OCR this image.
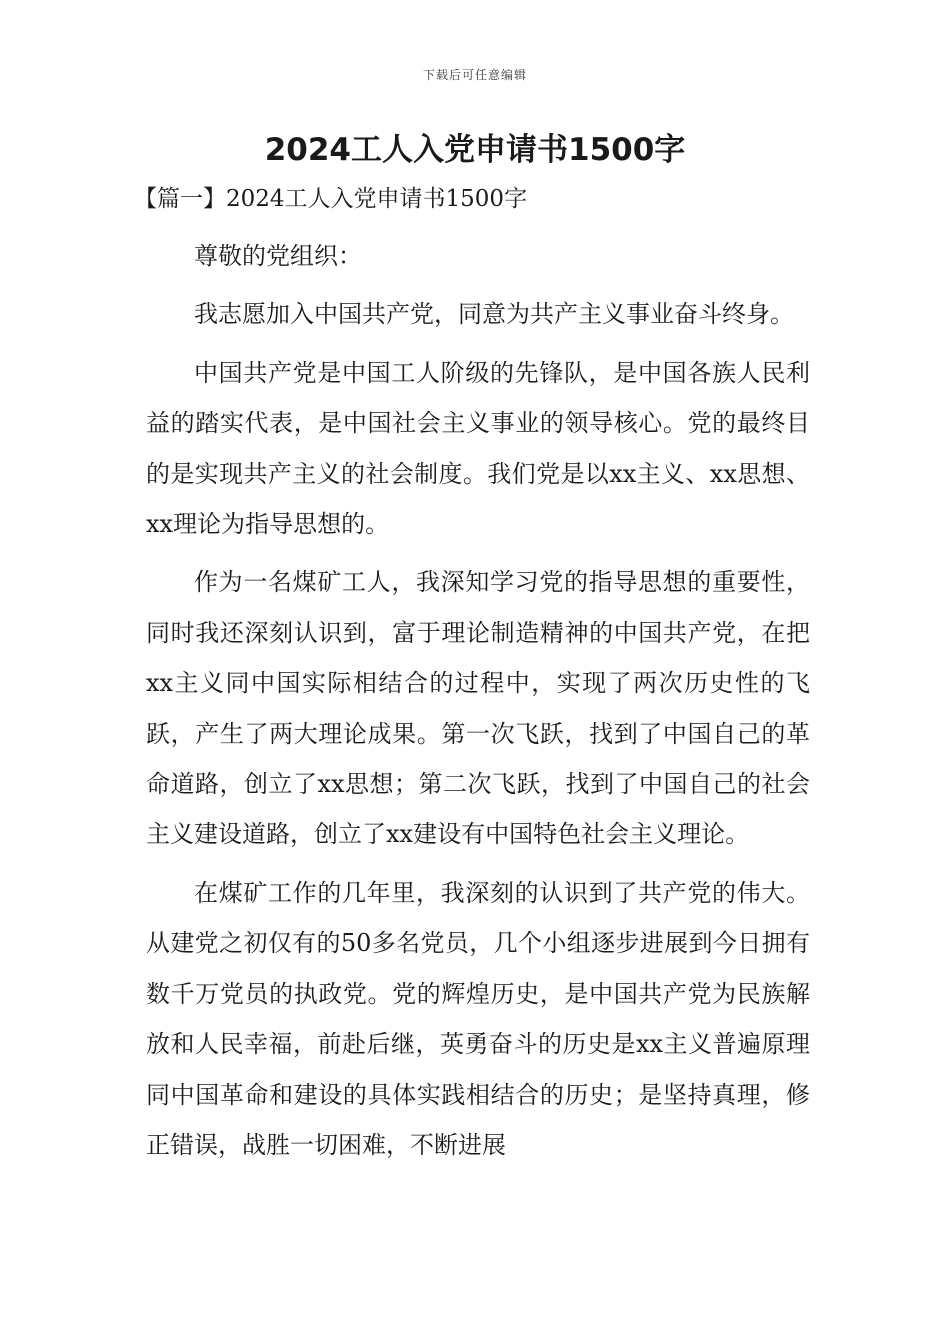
下载后可任意编辑
2024工人入党申请书1500字

【篇一】2024工人入党申请书1500字

尊敬的党组织：

我志愿加入中国共产党，同意为共产主义事业奋斗终身。

中国共产党是中国工人阶级的先锋队，是中国各族人民利益的踏实代表，是中国社会主义事业的领导核心。党的最终目的是实现共产主义的社会制度。我们党是以xx主义、xx思想、xx理论为指导思想的。

作为一名煤矿工人，我深知学习党的指导思想的重要性，同时我还深刻认识到，富于理论制造精神的中国共产党，在把xx主义同中国实际相结合的过程中，实现了两次历史性的飞跃，产生了两大理论成果。第一次飞跃，找到了中国自己的革命道路，创立了xx思想；第二次飞跃，找到了中国自己的社会主义建设道路，创立了xx建设有中国特色社会主义理论。

在煤矿工作的几年里，我深刻的认识到了共产党的伟大。从建党之初仅有的50多名党员，几个小组逐步进展到今日拥有数千万党员的执政党。党的辉煌历史，是中国共产党为民族解放和人民幸福，前赴后继，英勇奋斗的历史是xx主义普遍原理同中国革命和建设的具体实践相结合的历史；是坚持真理，修正错误，战胜一切困难，不断进展
